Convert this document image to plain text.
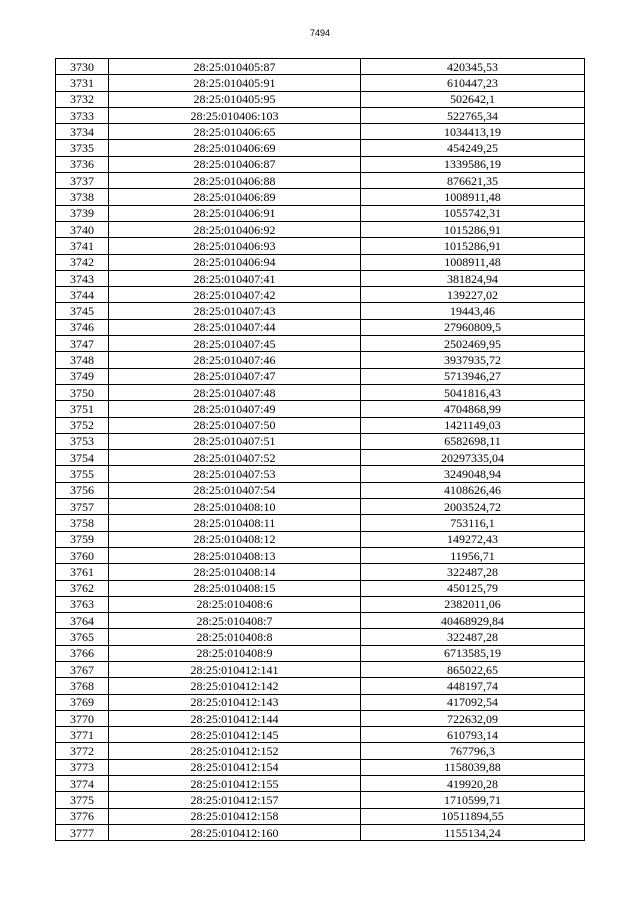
7494
3730	28:25:010405:87	420345,53
3731	28:25:010405:91	610447,23
3732	28:25:010405:95	502642,1
3733	28:25:010406:103	522765,34
3734	28:25:010406:65	1034413,19
3735	28:25:010406:69	454249,25
3736	28:25:010406:87	1339586,19
3737	28:25:010406:88	876621,35
3738	28:25:010406:89	1008911,48
3739	28:25:010406:91	1055742,31
3740	28:25:010406:92	1015286,91
3741	28:25:010406:93	1015286,91
3742	28:25:010406:94	1008911,48
3743	28:25:010407:41	381824,94
3744	28:25:010407:42	139227,02
3745	28:25:010407:43	19443,46
3746	28:25:010407:44	27960809,5
3747	28:25:010407:45	2502469,95
3748	28:25:010407:46	3937935,72
3749	28:25:010407:47	5713946,27
3750	28:25:010407:48	5041816,43
3751	28:25:010407:49	4704868,99
3752	28:25:010407:50	1421149,03
3753	28:25:010407:51	6582698,11
3754	28:25:010407:52	20297335,04
3755	28:25:010407:53	3249048,94
3756	28:25:010407:54	4108626,46
3757	28:25:010408:10	2003524,72
3758	28:25:010408:11	753116,1
3759	28:25:010408:12	149272,43
3760	28:25:010408:13	11956,71
3761	28:25:010408:14	322487,28
3762	28:25:010408:15	450125,79
3763	28:25:010408:6	2382011,06
3764	28:25:010408:7	40468929,84
3765	28:25:010408:8	322487,28
3766	28:25:010408:9	6713585,19
3767	28:25:010412:141	865022,65
3768	28:25:010412:142	448197,74
3769	28:25:010412:143	417092,54
3770	28:25:010412:144	722632,09
3771	28:25:010412:145	610793,14
3772	28:25:010412:152	767796,3
3773	28:25:010412:154	1158039,88
3774	28:25:010412:155	419920,28
3775	28:25:010412:157	1710599,71
3776	28:25:010412:158	10511894,55
3777	28:25:010412:160	1155134,24
